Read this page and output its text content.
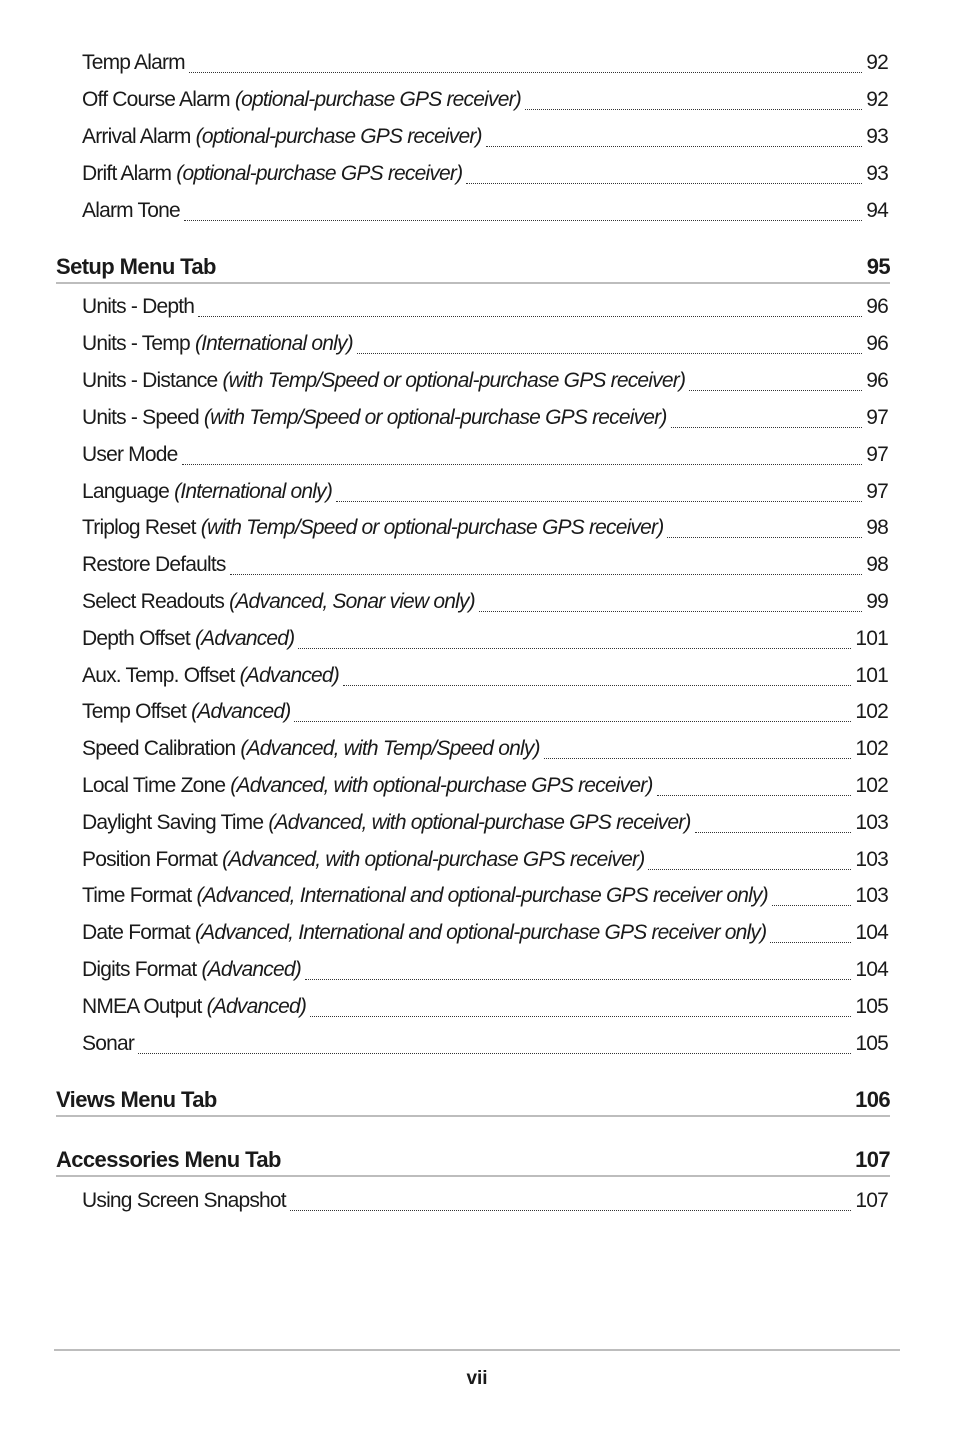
Temp Alarm	92
Off Course Alarm (optional-purchase GPS receiver)	92
Arrival Alarm (optional-purchase GPS receiver)	93
Drift Alarm (optional-purchase GPS receiver)	93
Alarm Tone	94
Setup Menu Tab	95
Units - Depth	96
Units - Temp (International only)	96
Units - Distance (with Temp/Speed or optional-purchase GPS receiver)	96
Units - Speed (with Temp/Speed or optional-purchase GPS receiver)	97
User Mode	97
Language (International only)	97
Triplog Reset (with Temp/Speed or optional-purchase GPS receiver)	98
Restore Defaults	98
Select Readouts (Advanced, Sonar view only)	99
Depth Offset (Advanced)	101
Aux. Temp. Offset (Advanced)	101
Temp Offset (Advanced)	102
Speed Calibration (Advanced, with Temp/Speed only)	102
Local Time Zone (Advanced, with optional-purchase GPS receiver)	102
Daylight Saving Time (Advanced, with optional-purchase GPS receiver)	103
Position Format (Advanced, with optional-purchase GPS receiver)	103
Time Format (Advanced, International and optional-purchase GPS receiver only)	103
Date Format (Advanced, International and optional-purchase GPS receiver only)	104
Digits Format (Advanced)	104
NMEA Output (Advanced)	105
Sonar	105
Views Menu Tab	106
Accessories Menu Tab	107
Using Screen Snapshot	107
vii
